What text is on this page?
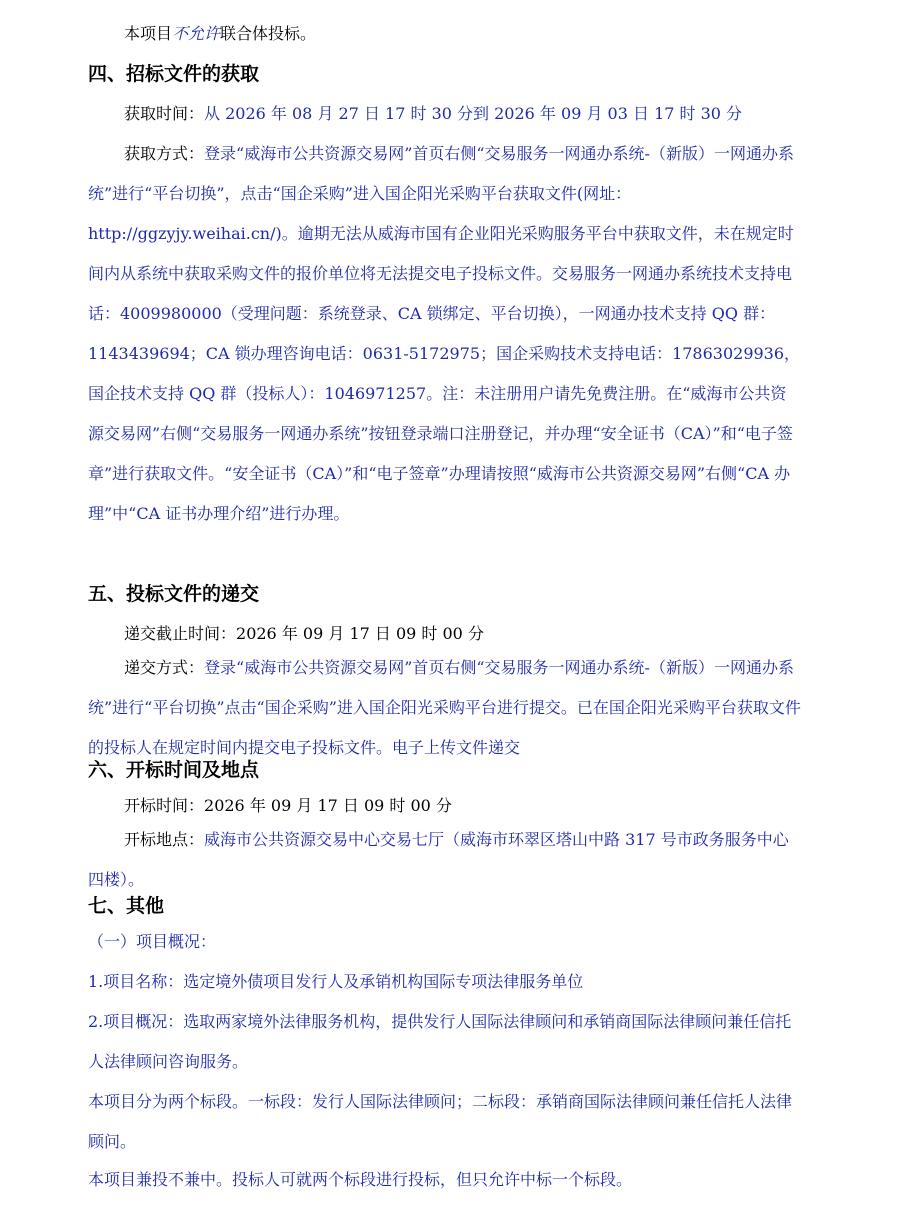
本项目不允许联合体投标。

四、招标文件的获取

获取时间：从 2026 年 08 月 27 日 17 时 30 分到 2026 年 09 月 03 日 17 时 30 分

获取方式：登录“威海市公共资源交易网”首页右侧“交易服务一网通办系统-（新版）一网通办系统”进行“平台切换”，点击“国企采购”进入国企阳光采购平台获取文件(网址：http://ggzyjy.weihai.cn/)。逾期无法从威海市国有企业阳光采购服务平台中获取文件，未在规定时间内从系统中获取采购文件的报价单位将无法提交电子投标文件。交易服务一网通办系统技术支持电话：4009980000（受理问题：系统登录、CA 锁绑定、平台切换），一网通办技术支持 QQ 群：1143439694；CA 锁办理咨询电话：0631-5172975；国企采购技术支持电话：17863029936，国企技术支持 QQ 群（投标人）：1046971257。注：未注册用户请先免费注册。在“威海市公共资源交易网”右侧“交易服务一网通办系统”按钮登录端口注册登记，并办理“安全证书（CA）”和“电子签章”进行获取文件。“安全证书（CA）”和“电子签章”办理请按照“威海市公共资源交易网”右侧“CA 办理”中“CA 证书办理介绍”进行办理。

五、投标文件的递交

递交截止时间：2026 年 09 月 17 日 09 时 00 分

递交方式：登录“威海市公共资源交易网”首页右侧“交易服务一网通办系统-（新版）一网通办系统”进行“平台切换”点击“国企采购”进入国企阳光采购平台进行提交。已在国企阳光采购平台获取文件的投标人在规定时间内提交电子投标文件。电子上传文件递交

六、开标时间及地点

开标时间：2026 年 09 月 17 日 09 时 00 分

开标地点：威海市公共资源交易中心交易七厅（威海市环翠区塔山中路 317 号市政务服务中心四楼）。

七、其他

（一）项目概况：

1.项目名称：选定境外债项目发行人及承销机构国际专项法律服务单位

2.项目概况：选取两家境外法律服务机构，提供发行人国际法律顾问和承销商国际法律顾问兼任信托人法律顾问咨询服务。

本项目分为两个标段。一标段：发行人国际法律顾问；二标段：承销商国际法律顾问兼任信托人法律顾问。

本项目兼投不兼中。投标人可就两个标段进行投标，但只允许中标一个标段。
